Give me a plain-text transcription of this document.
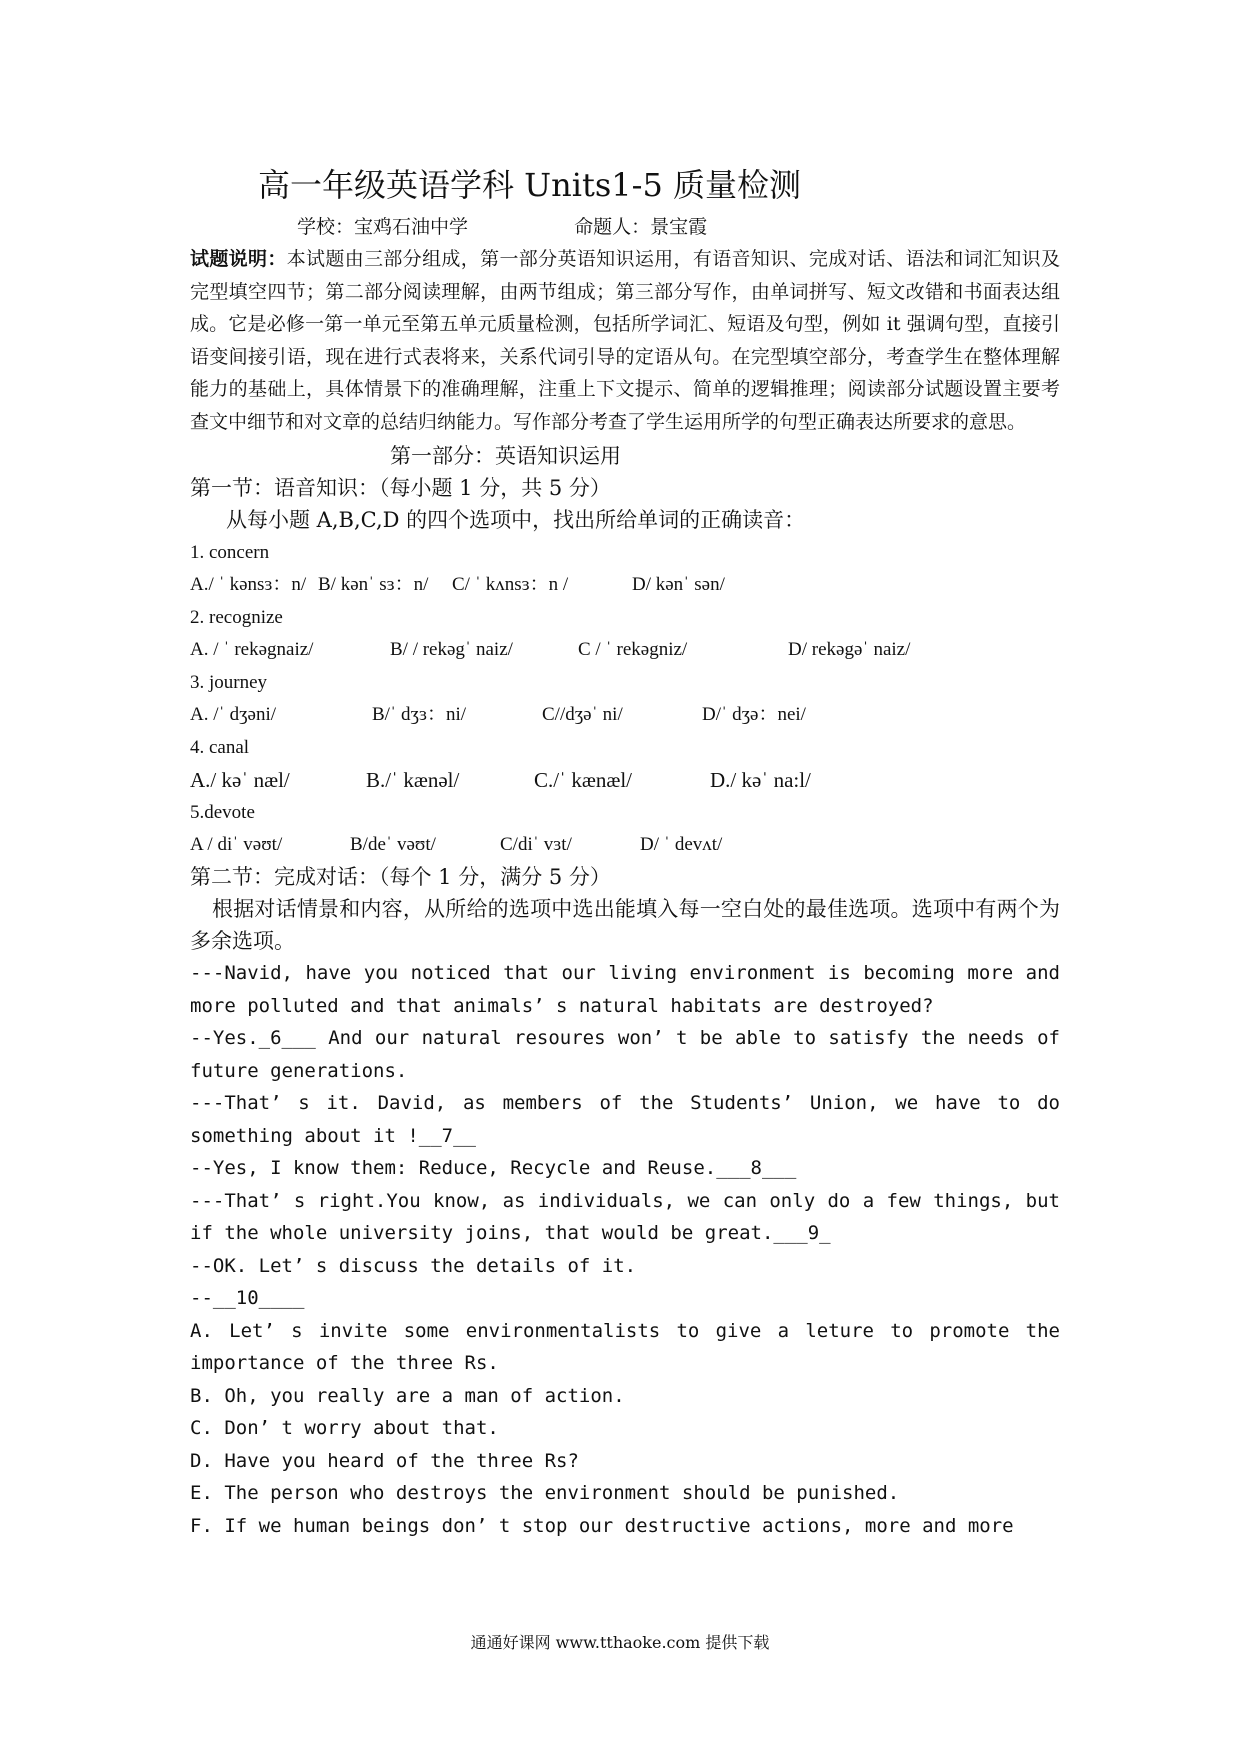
高一年级英语学科 Units1-5 质量检测
学校：宝鸡石油中学	命题人：景宝霞
试题说明：本试题由三部分组成，第一部分英语知识运用，有语音知识、完成对话、语法和词汇知识及完型填空四节；第二部分阅读理解，由两节组成；第三部分写作，由单词拼写、短文改错和书面表达组成。它是必修一第一单元至第五单元质量检测，包括所学词汇、短语及句型，例如 it 强调句型，直接引语变间接引语，现在进行式表将来，关系代词引导的定语从句。在完型填空部分，考查学生在整体理解能力的基础上，具体情景下的准确理解，注重上下文提示、简单的逻辑推理；阅读部分试题设置主要考查文中细节和对文章的总结归纳能力。写作部分考查了学生运用所学的句型正确表达所要求的意思。
第一部分：英语知识运用
第一节：语音知识：（每小题 1 分，共 5 分）
从每小题 A,B,C,D 的四个选项中，找出所给单词的正确读音：
1. concern
A./ ˈ kənsɜ：n/ B/ kənˈ sɜ：n/	C/ ˈ kʌnsɜ：n /	D/ kənˈ sən/
2. recognize
A. / ˈ rekəgnaiz/	B/ / rekəgˈ naiz/	C / ˈ rekəgniz/	D/ rekəgəˈ naiz/
3. journey
A. /ˈ dʒəni/	B/ˈ dʒɜ：ni/	C//dʒəˈ ni/	D/ˈ dʒə：nei/
4. canal
A./ kəˈ næl/	B./ˈ kænəl/	C./ˈ kænæl/	D./ kəˈ na:l/
5.devote
A / diˈ vəʊt/	B/deˈ vəʊt/	C/diˈ vɜt/	D/ ˈ dеvʌt/
第二节：完成对话：（每个 1 分，满分 5 分）
根据对话情景和内容，从所给的选项中选出能填入每一空白处的最佳选项。选项中有两个为多余选项。
---Navid, have you noticed that our living environment is becoming more and more polluted and that animals’ s natural habitats are destroyed?
--Yes._6___ And our natural resoures won’ t be able to satisfy the needs of future generations.
---That’ s it. David, as members of the Students’ Union, we have to do something about it !__7__
--Yes, I know them: Reduce, Recycle and Reuse.___8___
---That’ s right.You know, as individuals, we can only do a few things, but if the whole university joins, that would be great.___9_
--OK. Let’ s discuss the details of it.
--__10____
A. Let’ s invite some environmentalists to give a leture to promote the importance of the three Rs.
B. Oh, you really are a man of action.
C. Don’ t worry about that.
D. Have you heard of the three Rs?
E. The person who destroys the environment should be punished.
F. If we human beings don’ t stop our destructive actions, more and more
通通好课网 www.tthaoke.com 提供下载
